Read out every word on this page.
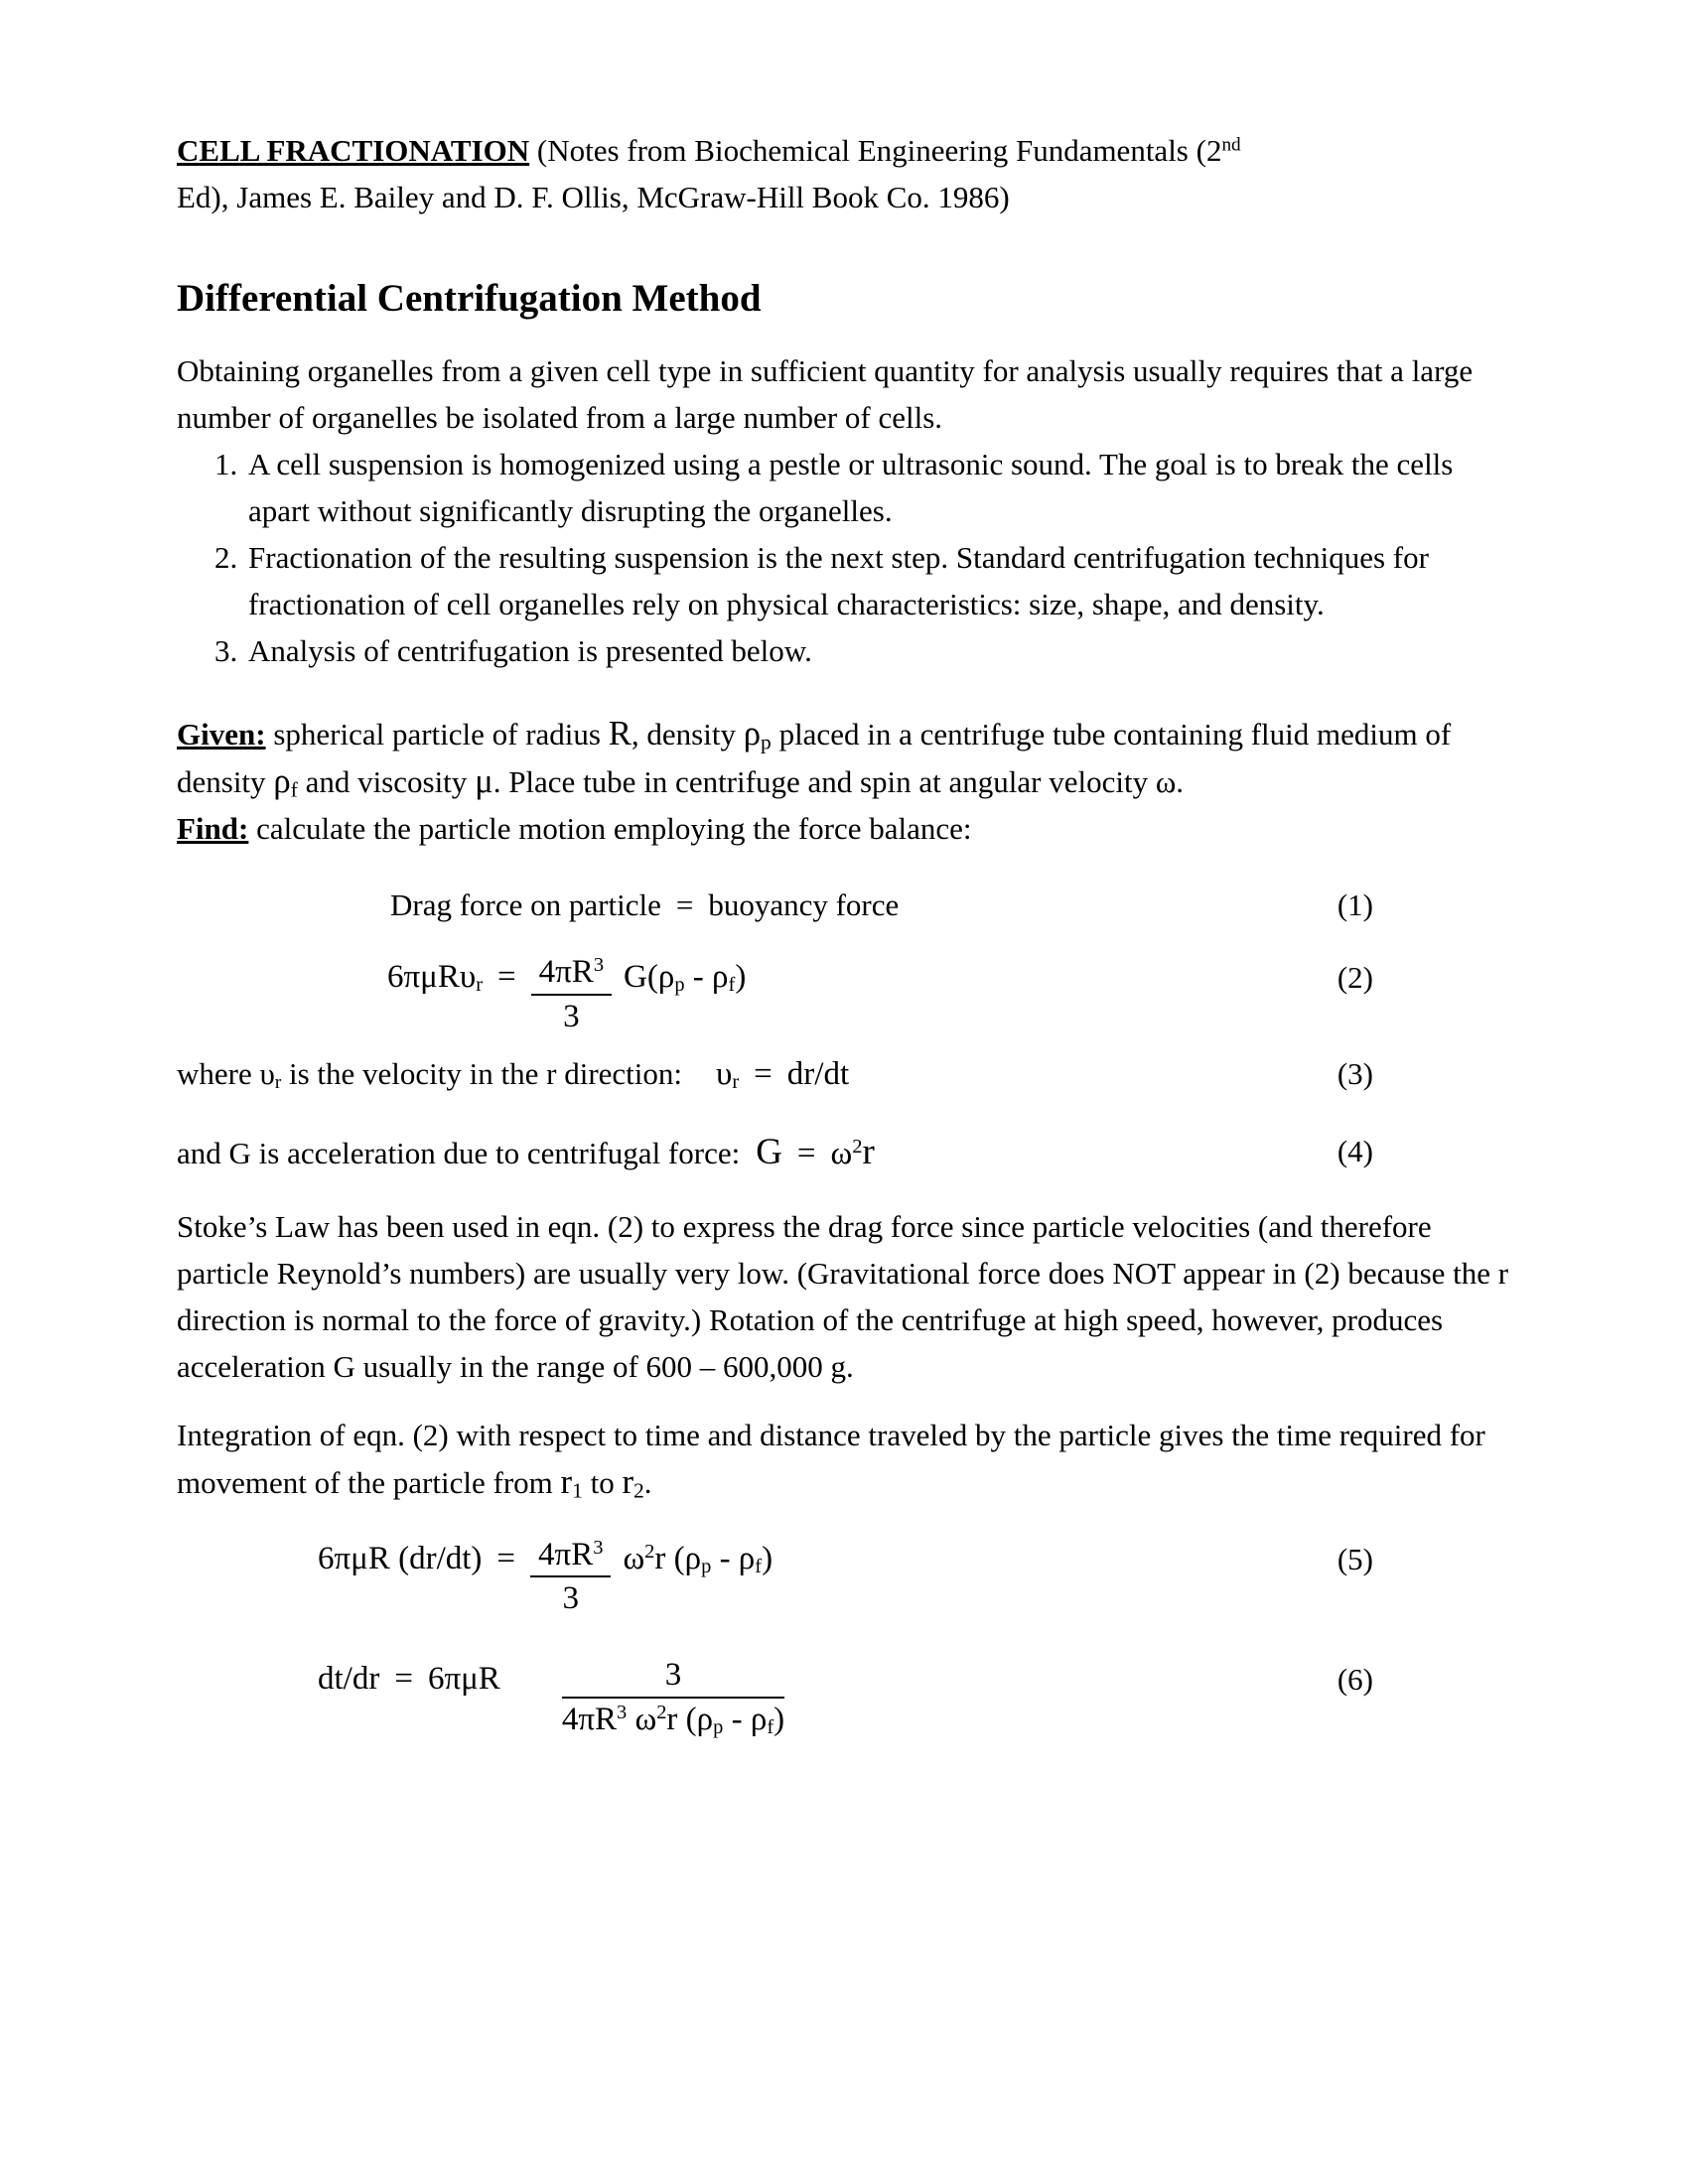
CELL FRACTIONATION (Notes from Biochemical Engineering Fundamentals (2nd
Ed), James E. Bailey and D. F. Ollis, McGraw-Hill Book Co. 1986)

Differential Centrifugation Method

Obtaining organelles from a given cell type in sufficient quantity for analysis usually requires that a large number of organelles be isolated from a large number of cells.

1. A cell suspension is homogenized using a pestle or ultrasonic sound. The goal is to break the cells apart without significantly disrupting the organelles.
2. Fractionation of the resulting suspension is the next step. Standard centrifugation techniques for fractionation of cell organelles rely on physical characteristics: size, shape, and density.
3. Analysis of centrifugation is presented below.

Given: spherical particle of radius R, density $\rho_p$ placed in a centrifuge tube containing fluid medium of density $\rho_f$ and viscosity μ. Place tube in centrifuge and spin at angular velocity ω.

Find: calculate the particle motion employing the force balance:

Drag force on particle = buoyancy force	(1)
$6\pi\mu R\upsilon_r = \frac{4\pi R^3}{3} G(\rho_p - \rho_f)$	(2)
where $\upsilon_r$ is the velocity in the r direction: $\upsilon_r = dr/dt$	(3)
and G is acceleration due to centrifugal force: $G = \omega^2r$	(4)

Stoke’s Law has been used in eqn. (2) to express the drag force since particle velocities (and therefore particle Reynold’s numbers) are usually very low. (Gravitational force does NOT appear in (2) because the r direction is normal to the force of gravity.) Rotation of the centrifuge at high speed, however, produces acceleration G usually in the range of 600 – 600,000 g.

Integration of eqn. (2) with respect to time and distance traveled by the particle gives the time required for movement of the particle from $r_1$ to $r_2$.

6πμR $(dr/dt) = \frac{4\pi R^3}{3} \omega^2r$ $(\rho_p - \rho_f)$	(5)
$dt/dr = 6\pi\mu R \frac{3}{4\pi R^3 \omega^2r (\rho_p - \rho_f)}$	(6)
